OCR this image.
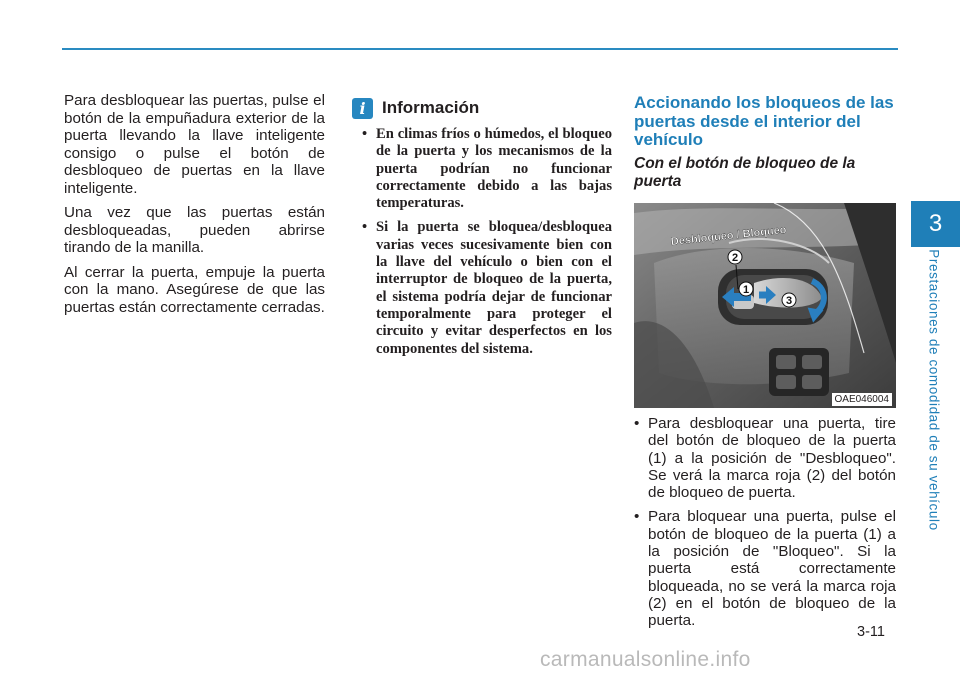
3
Prestaciones de comodidad de su vehículo

Para desbloquear las puertas, pulse el botón de la empuñadura exterior de la puerta llevando la llave inteligente consigo o pulse el botón de desbloqueo de puertas en la llave inteligente.

Una vez que las puertas están desbloqueadas, pueden abrirse tirando de la manilla.

Al cerrar la puerta, empuje la puerta con la mano. Asegúrese de que las puertas están correctamente cerradas.

i Información
• En climas fríos o húmedos, el bloqueo de la puerta y los mecanismos de la puerta podrían no funcionar correctamente debido a las bajas temperaturas.
• Si la puerta se bloquea/desbloquea varias veces sucesivamente bien con la llave del vehículo o bien con el interruptor de bloqueo de la puerta, el sistema podría dejar de funcionar temporalmente para proteger el circuito y evitar desperfectos en los componentes del sistema.
Accionando los bloqueos de las puertas desde el interior del vehículo
Con el botón de bloqueo de la puerta
2
1
3
Desbloqueo / Bloqueo
OAE046004
• Para desbloquear una puerta, tire del botón de bloqueo de la puerta (1) a la posición de "Desbloqueo". Se verá la marca roja (2) del botón de bloqueo de puerta.
• Para bloquear una puerta, pulse el botón de bloqueo de la puerta (1) a la posición de "Bloqueo". Si la puerta está correctamente bloqueada, no se verá la marca roja (2) en el botón de bloqueo de la puerta.
3-11
carmanualsonline.info
